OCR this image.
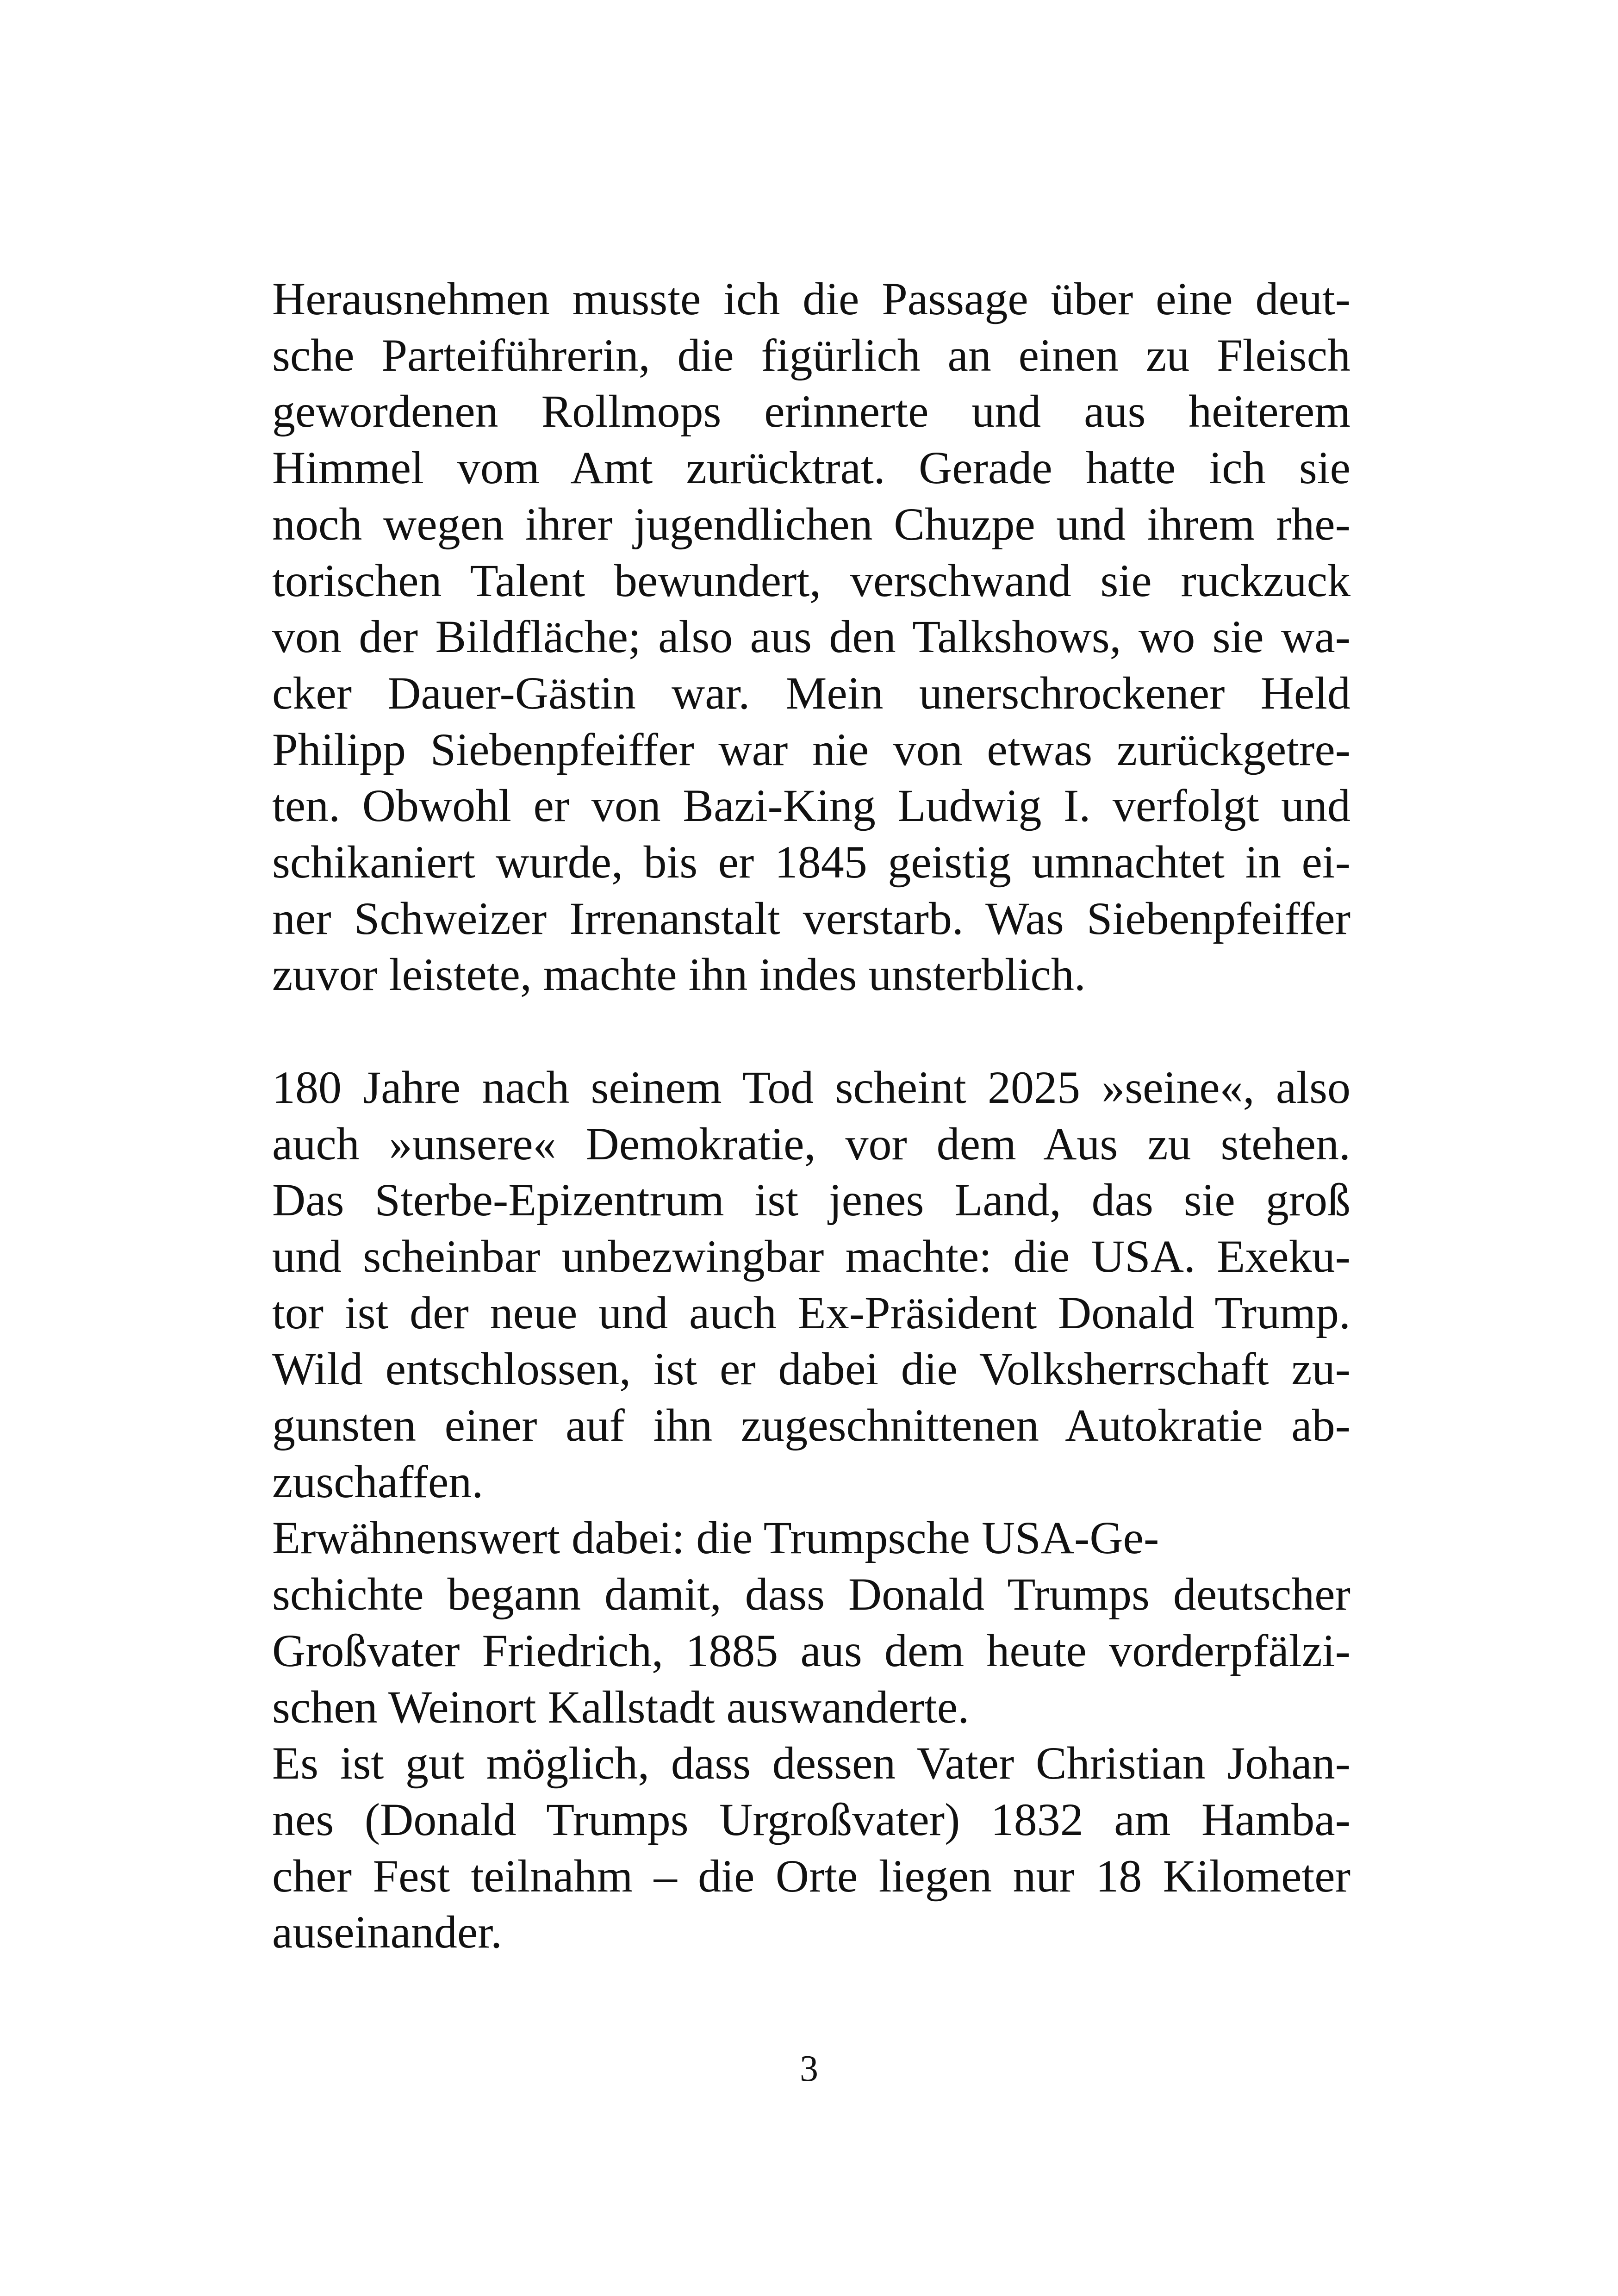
Herausnehmen musste ich die Passage über eine deut-
sche Parteiführerin, die figürlich an einen zu Fleisch
gewordenen Rollmops erinnerte und aus heiterem
Himmel vom Amt zurücktrat. Gerade hatte ich sie
noch wegen ihrer jugendlichen Chuzpe und ihrem rhe-
torischen Talent bewundert, verschwand sie ruckzuck
von der Bildfläche; also aus den Talkshows, wo sie wa-
cker Dauer-Gästin war. Mein unerschrockener Held
Philipp Siebenpfeiffer war nie von etwas zurückgetre-
ten. Obwohl er von Bazi-King Ludwig I. verfolgt und
schikaniert wurde, bis er 1845 geistig umnachtet in ei-
ner Schweizer Irrenanstalt verstarb. Was Siebenpfeiffer
zuvor leistete, machte ihn indes unsterblich.
180 Jahre nach seinem Tod scheint 2025 »seine«, also
auch »unsere« Demokratie, vor dem Aus zu stehen.
Das Sterbe-Epizentrum ist jenes Land, das sie groß
und scheinbar unbezwingbar machte: die USA. Exeku-
tor ist der neue und auch Ex-Präsident Donald Trump.
Wild entschlossen, ist er dabei die Volksherrschaft zu-
gunsten einer auf ihn zugeschnittenen Autokratie ab-
zuschaffen.
Erwähnenswert dabei: die Trumpsche USA-Ge-
schichte begann damit, dass Donald Trumps deutscher
Großvater Friedrich, 1885 aus dem heute vorderpfälzi-
schen Weinort Kallstadt auswanderte.
Es ist gut möglich, dass dessen Vater Christian Johan-
nes (Donald Trumps Urgroßvater) 1832 am Hamba-
cher Fest teilnahm – die Orte liegen nur 18 Kilometer
auseinander.
3
